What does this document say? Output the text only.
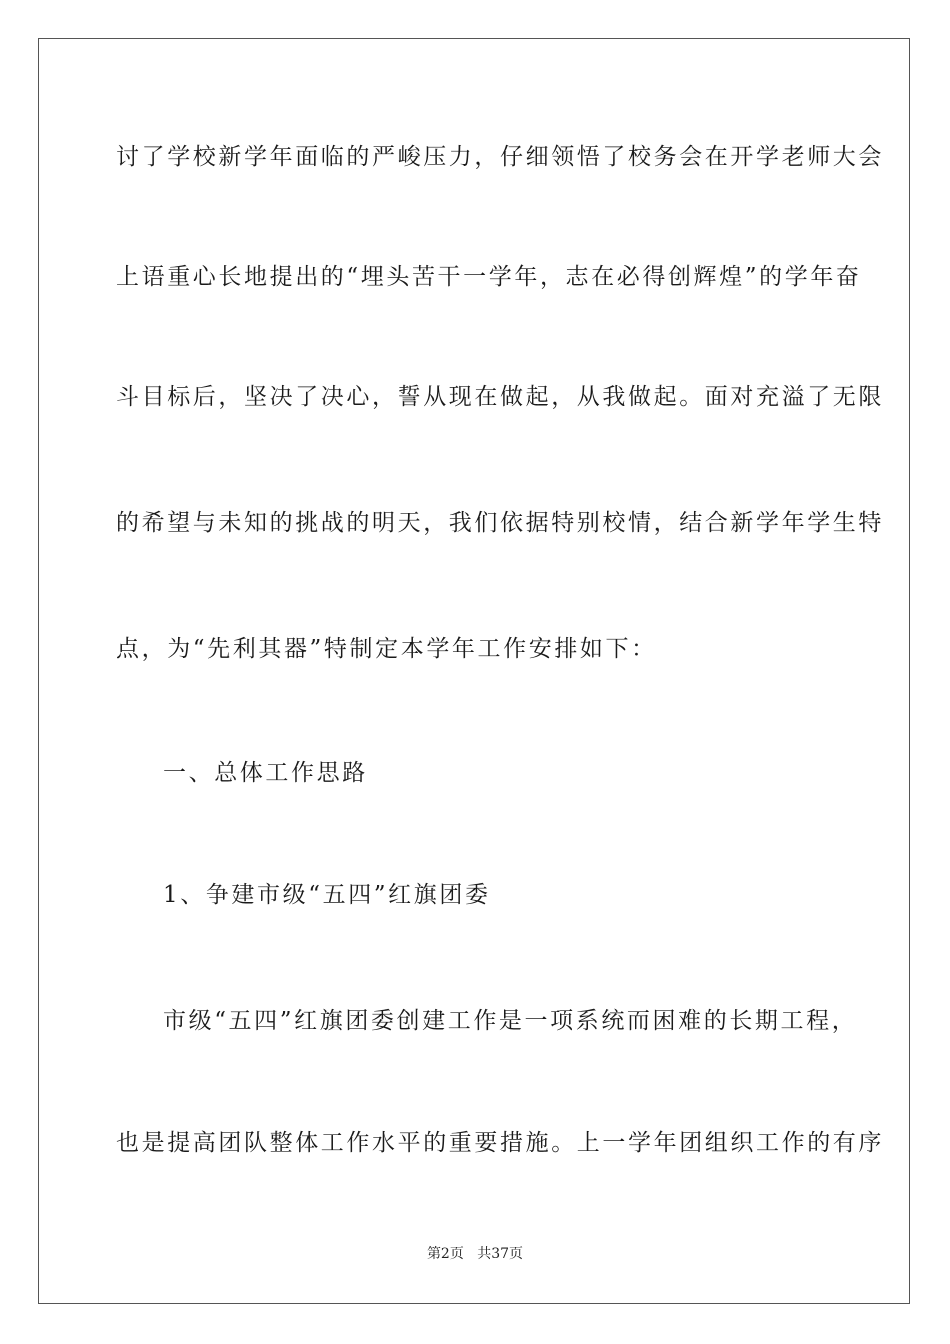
讨了学校新学年面临的严峻压力，仔细领悟了校务会在开学老师大会
上语重心长地提出的“埋头苦干一学年，志在必得创辉煌”的学年奋
斗目标后，坚决了决心，誓从现在做起，从我做起。面对充溢了无限
的希望与未知的挑战的明天，我们依据特别校情，结合新学年学生特
点，为“先利其器”特制定本学年工作安排如下：
一、总体工作思路
1、争建市级“五四”红旗团委
市级“五四”红旗团委创建工作是一项系统而困难的长期工程，
也是提高团队整体工作水平的重要措施。上一学年团组织工作的有序
第2页 共37页
